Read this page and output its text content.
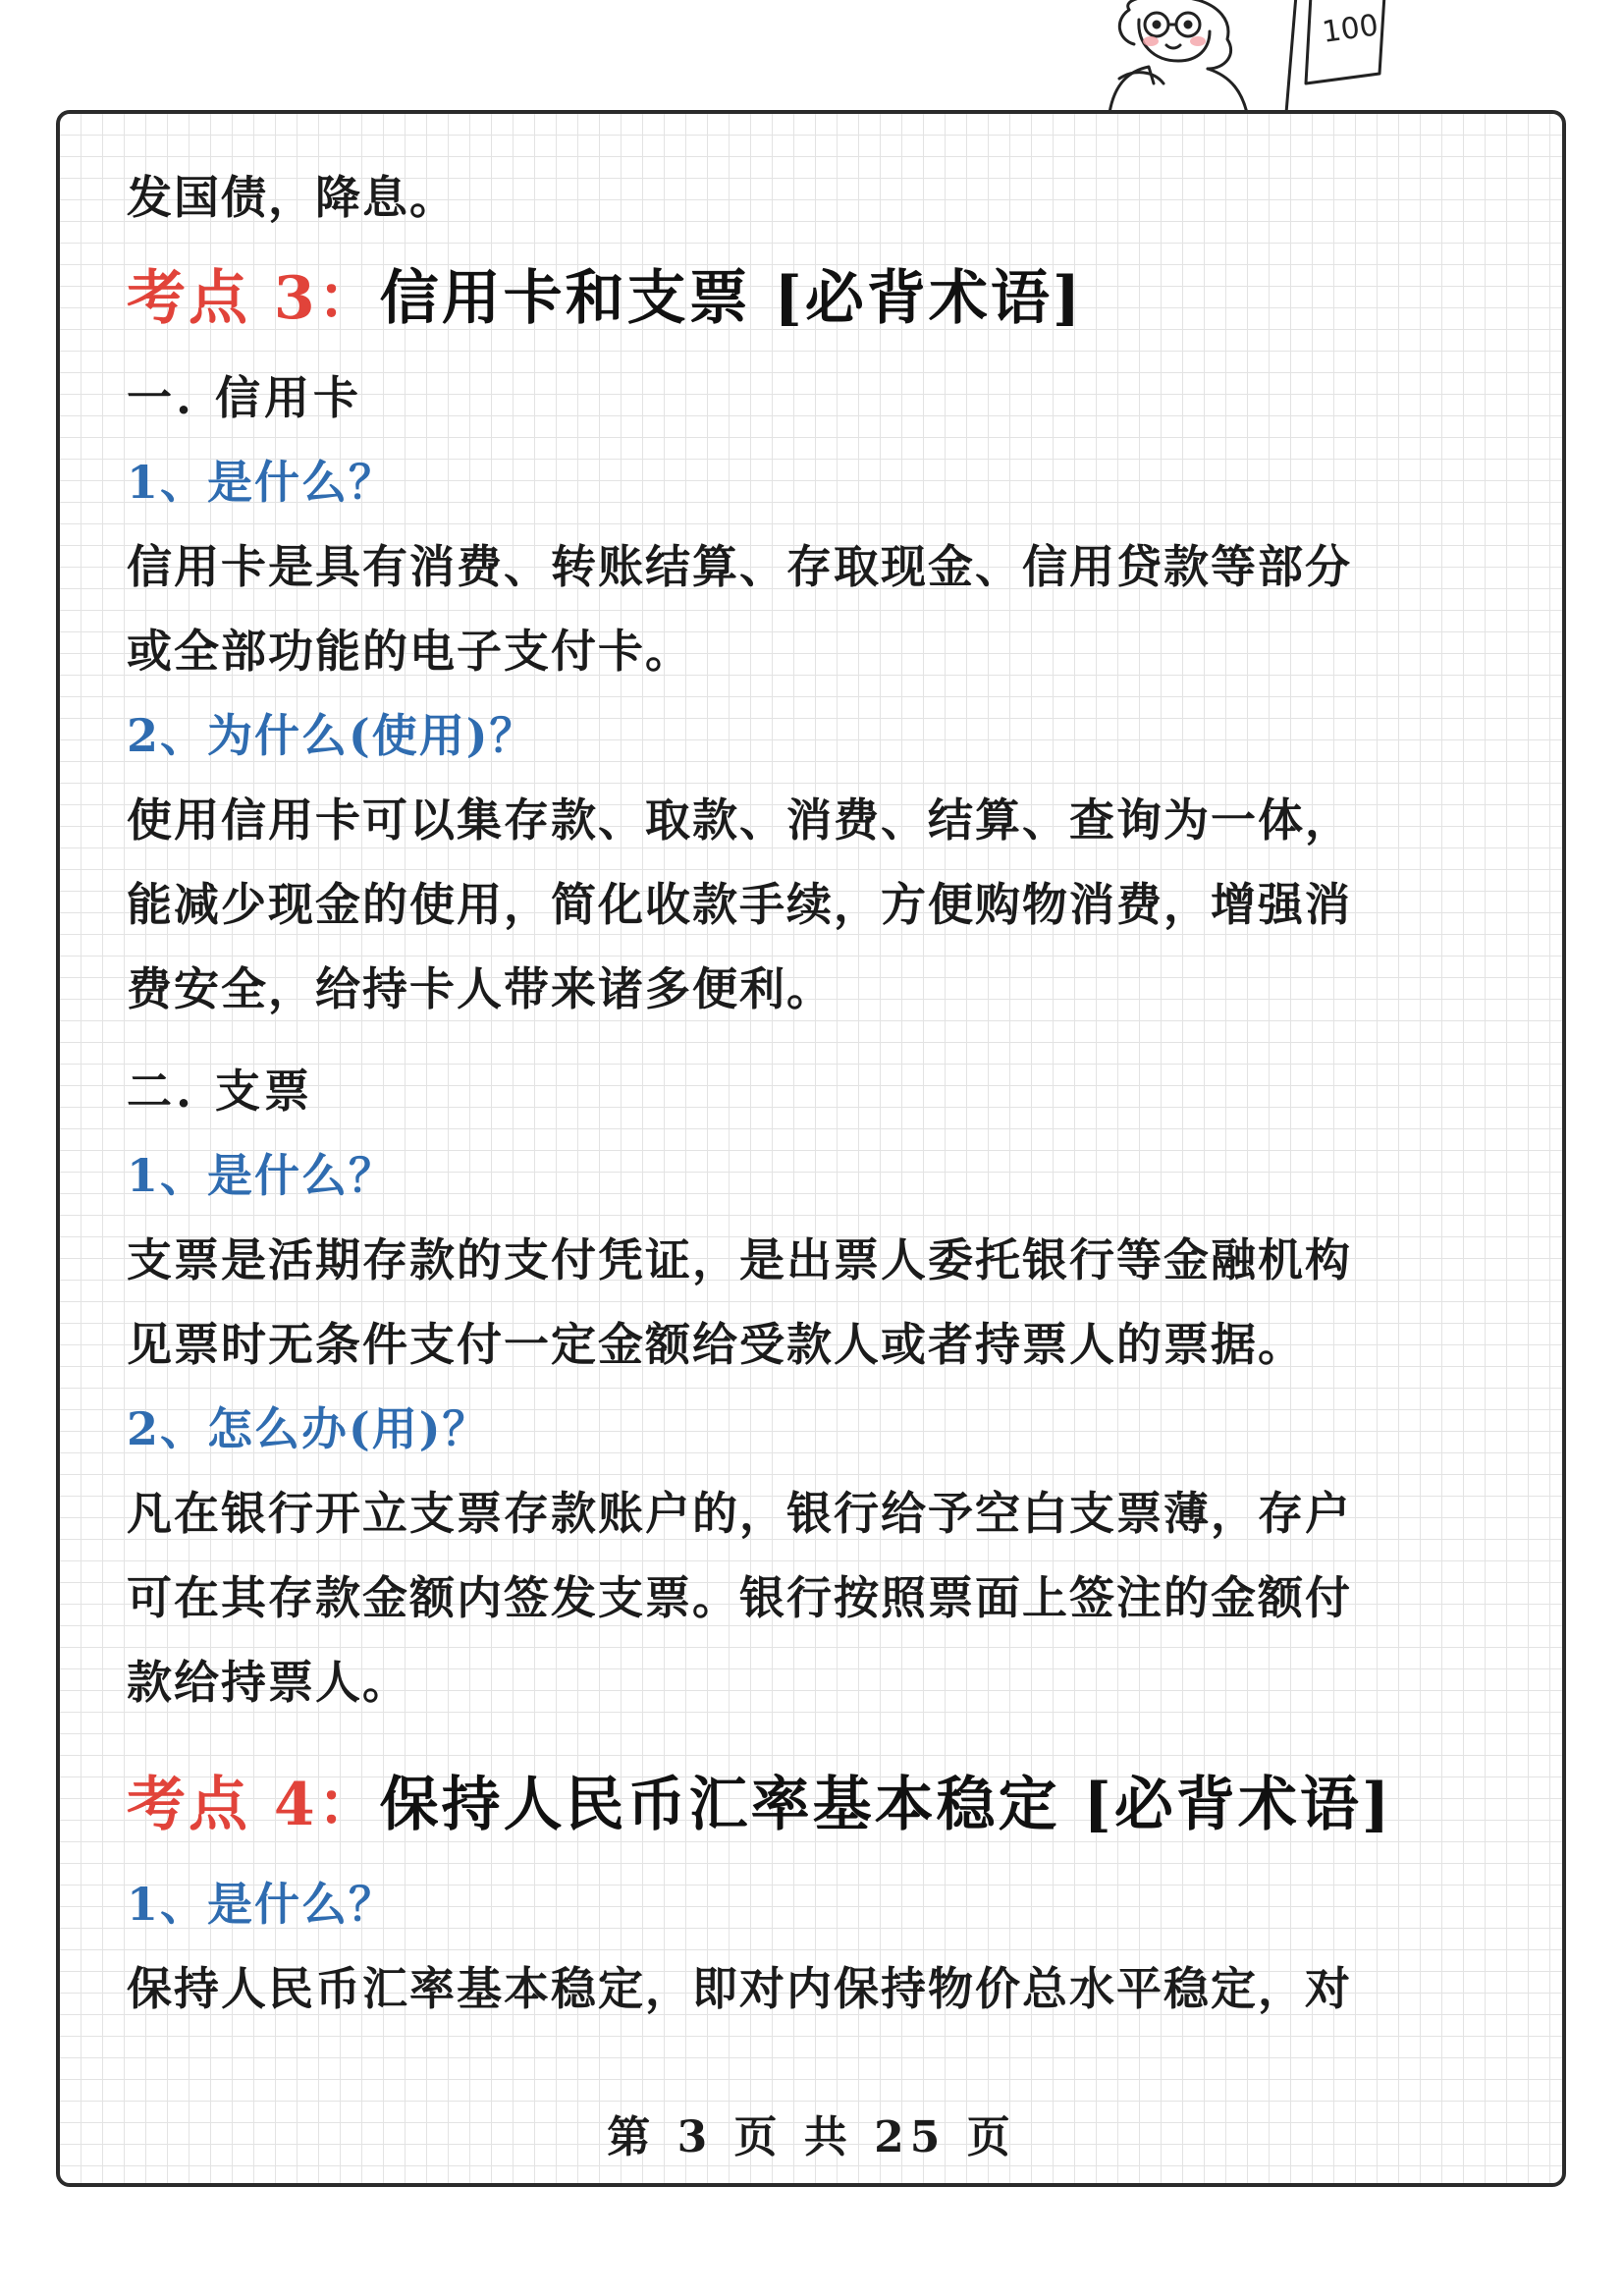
100
发国债，降息。
考点 3：信用卡和支票 [必背术语]
一. 信用卡
1、是什么？
信用卡是具有消费、转账结算、存取现金、信用贷款等部分
或全部功能的电子支付卡。
2、为什么(使用)？
使用信用卡可以集存款、取款、消费、结算、查询为一体，
能减少现金的使用，简化收款手续，方便购物消费，增强消
费安全，给持卡人带来诸多便利。
二. 支票
1、是什么？
支票是活期存款的支付凭证，是出票人委托银行等金融机构
见票时无条件支付一定金额给受款人或者持票人的票据。
2、怎么办(用)？
凡在银行开立支票存款账户的，银行给予空白支票薄，存户
可在其存款金额内签发支票。银行按照票面上签注的金额付
款给持票人。
考点 4：保持人民币汇率基本稳定 [必背术语]
1、是什么？
保持人民币汇率基本稳定，即对内保持物价总水平稳定，对
第 3 页 共 25 页
